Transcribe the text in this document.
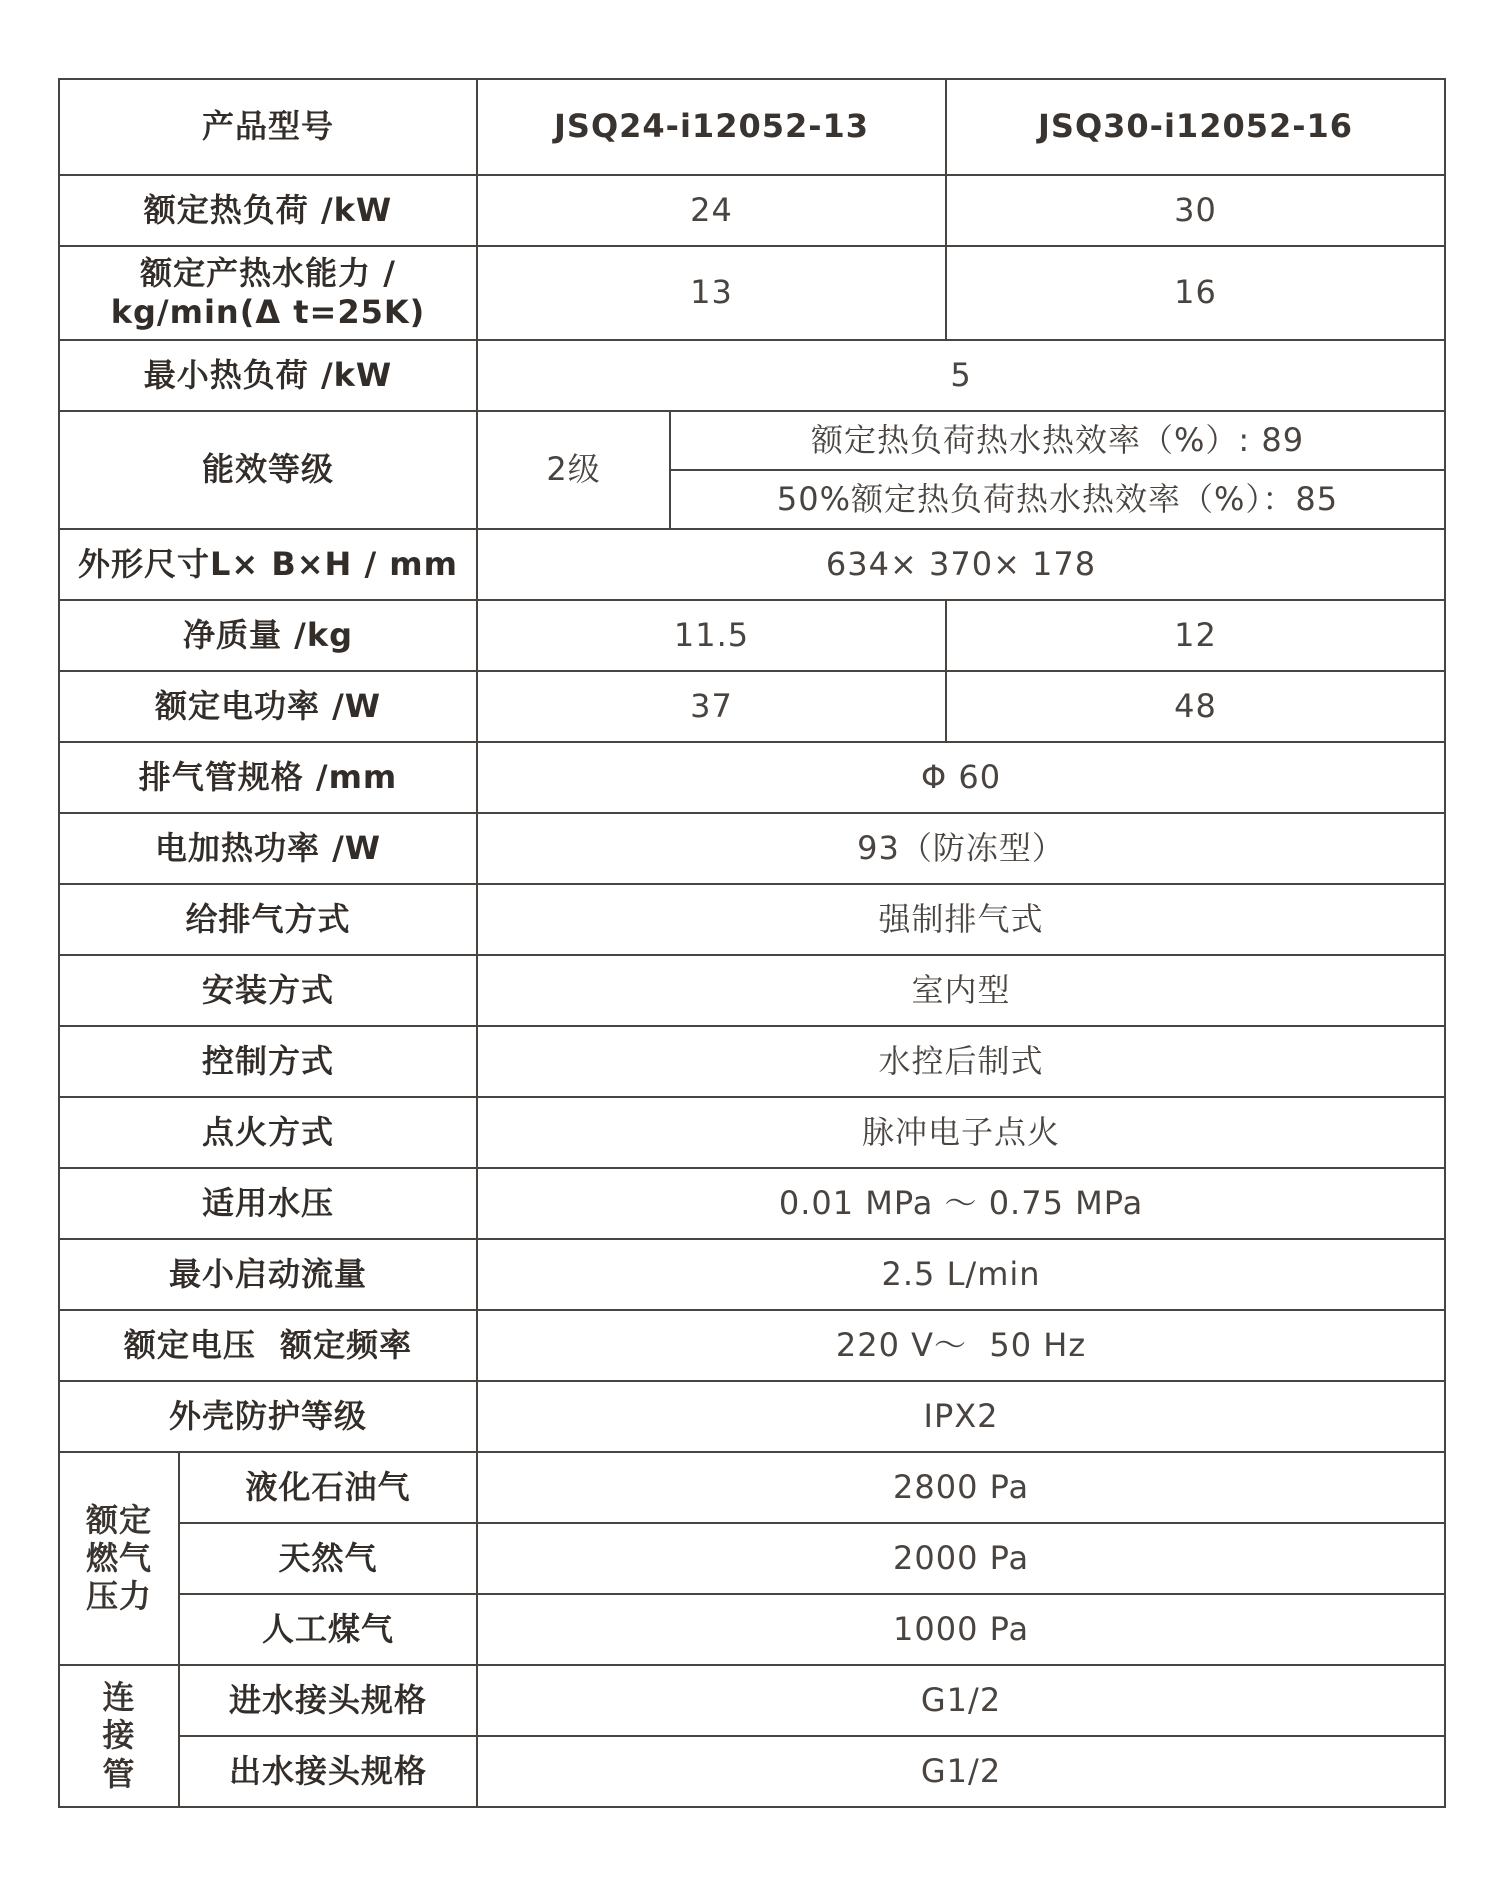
产品型号		JSQ24-i12052-13		JSQ30-i12052-16
额定热负荷 /kW		24		30

额定产热水能力 /
kg/min(Δ t=25K)		13		16
最小热负荷 /kW		5		
能效等级		2级	额定热负荷热水热效率（%）: 89	
			50%额定热负荷热水热效率（%）：85	
外形尺寸L× B×H / mm		634× 370× 178		
净质量 /kg		11.5		12
额定电功率 /W		37		48
排气管规格 /mm		Φ 60		
电加热功率 /W		93（防冻型）		
给排气方式		强制排气式		
安装方式		室内型		
控制方式		水控后制式		
点火方式		脉冲电子点火		
适用水压		0.01 MPa ～ 0.75 MPa		
最小启动流量		2.5 L/min		
额定电压  额定频率		220 V～  50 Hz		
外壳防护等级		IPX2		
额定燃气压力	液化石油气	2800 Pa		
	天然气	2000 Pa		
	人工煤气	1000 Pa		
连接管	进水接头规格	G1/2		
	出水接头规格	G1/2		
